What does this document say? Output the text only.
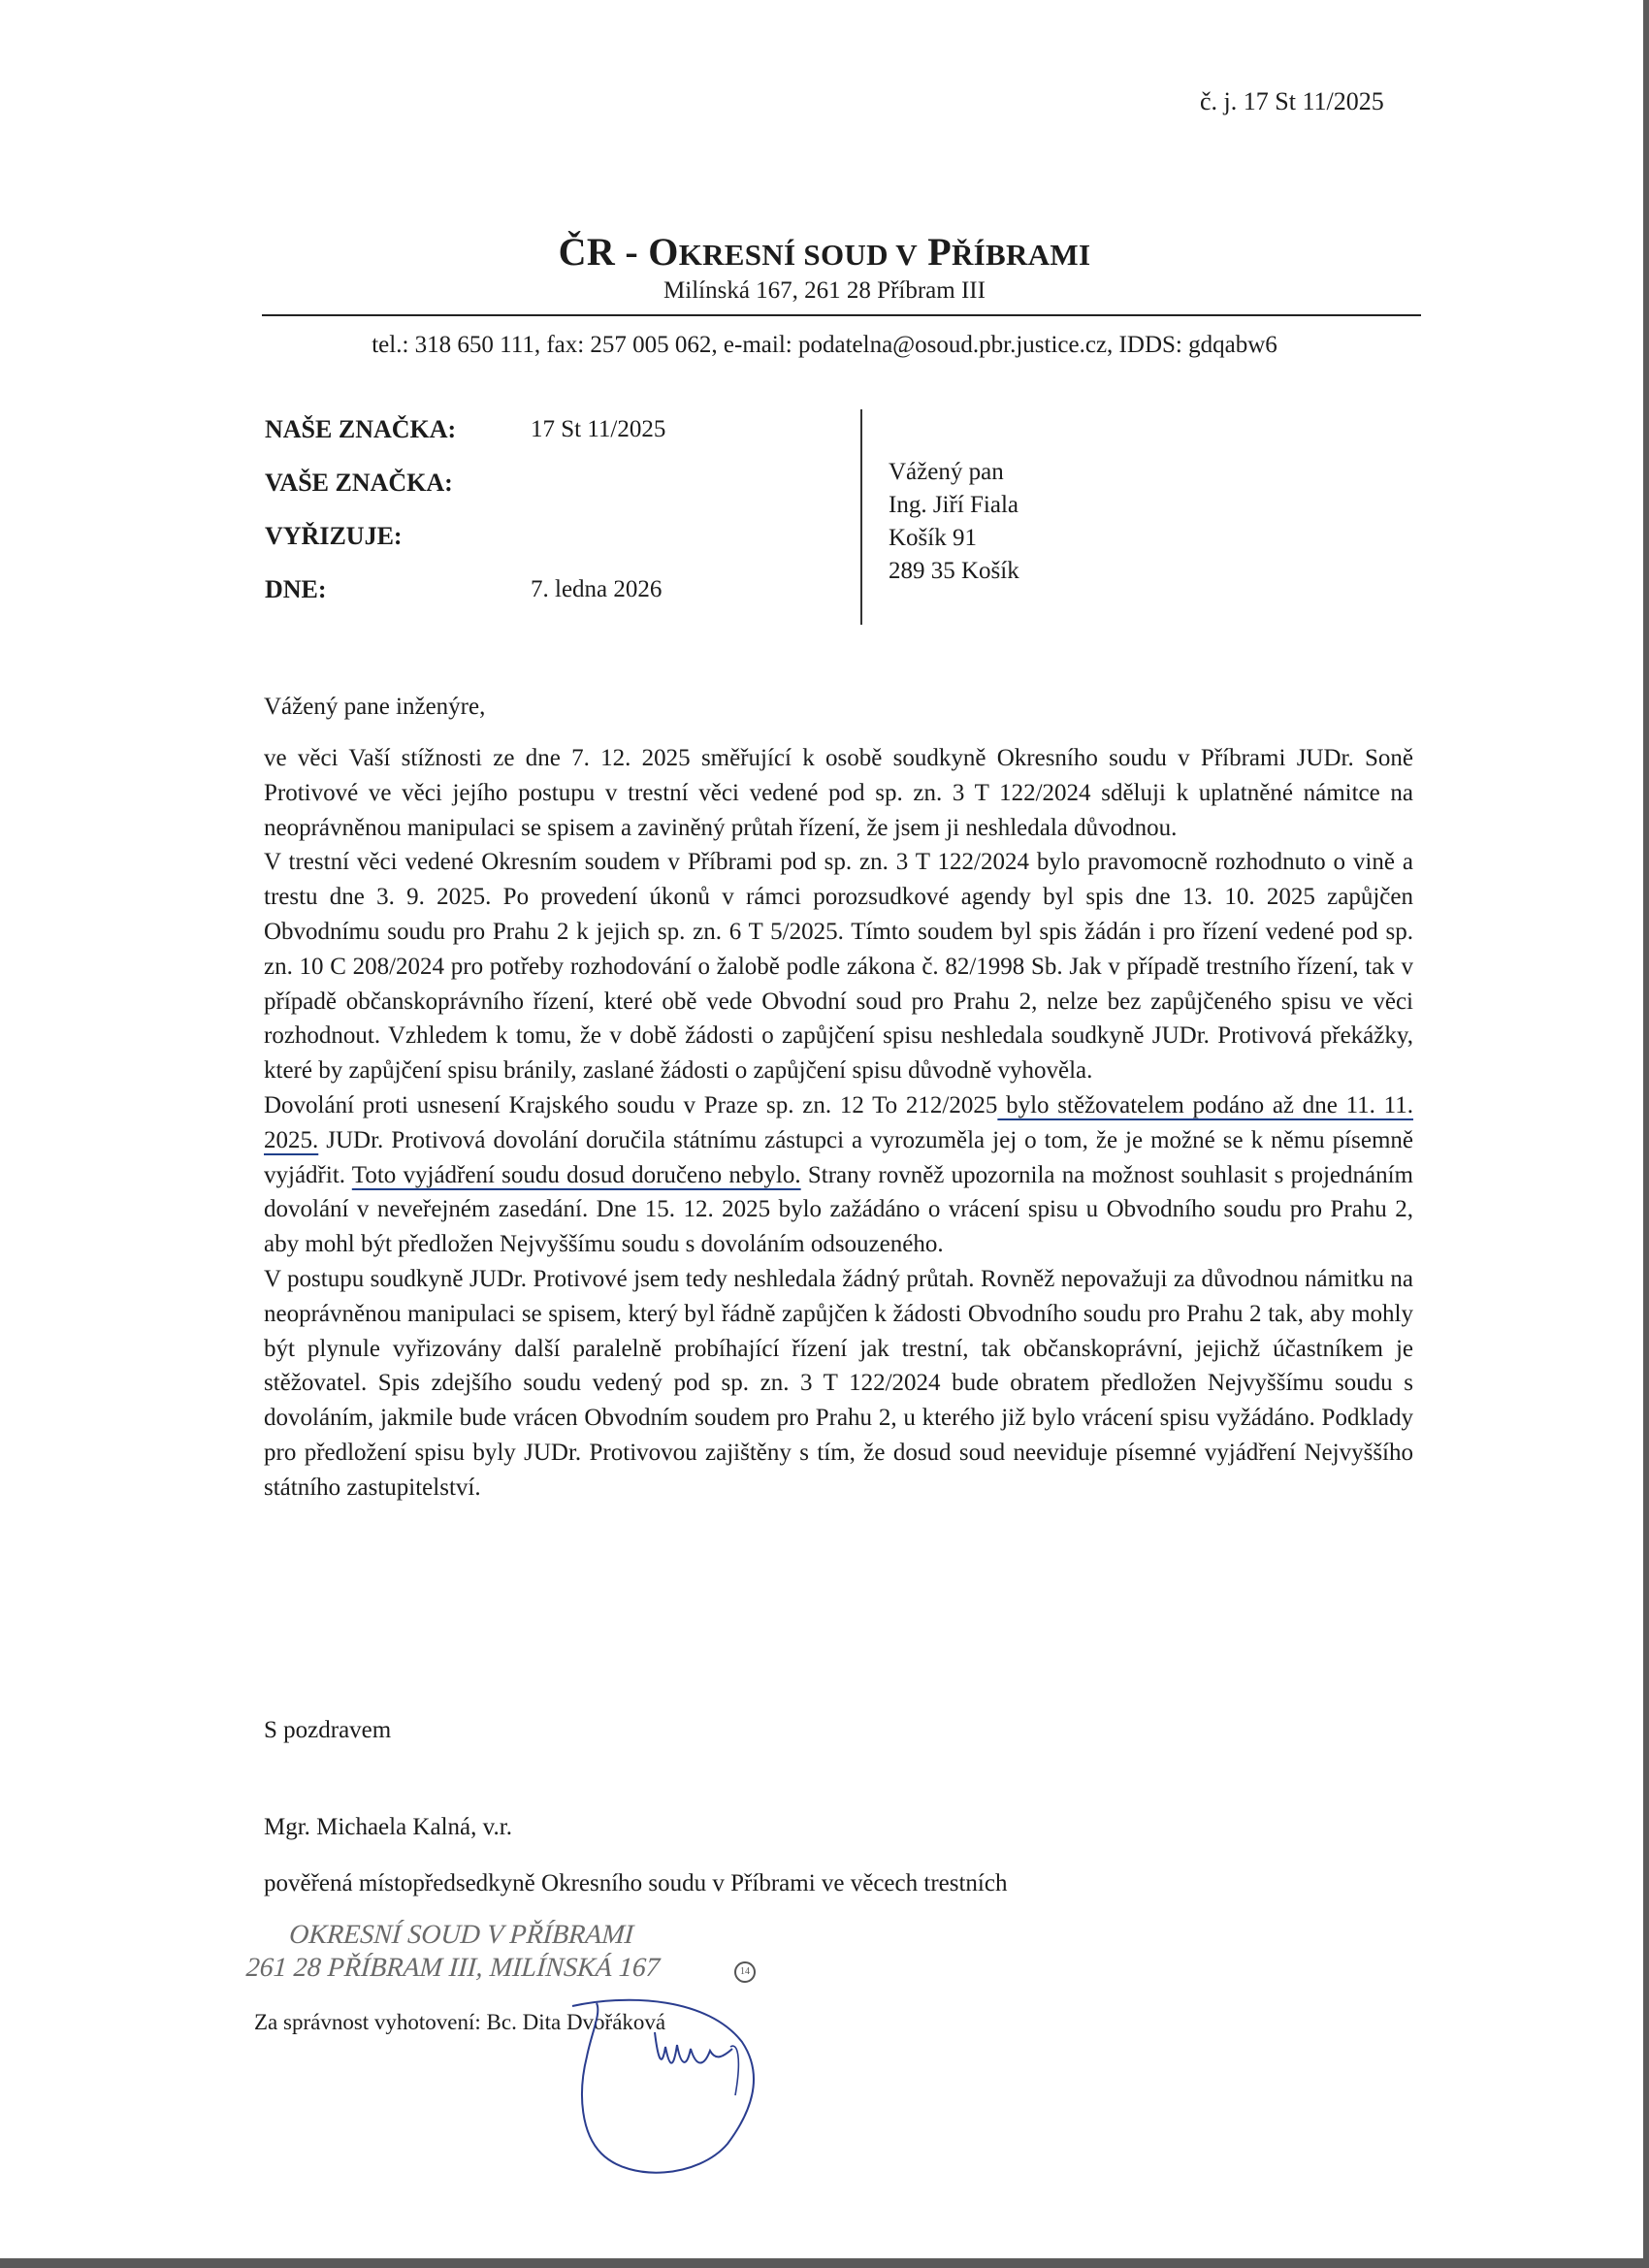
č. j. 17 St 11/2025
ČR - OKRESNÍ SOUD V PŘÍBRAMI
Milínská 167, 261 28 Příbram III
tel.: 318 650 111, fax: 257 005 062, e-mail: podatelna@osoud.pbr.justice.cz, IDDS: gdqabw6
NAŠE ZNAČKA:	17 St 11/2025
VAŠE ZNAČKA:
VYŘIZUJE:
DNE:	7. ledna 2026
Vážený pan
Ing. Jiří Fiala
Košík 91
289 35 Košík
Vážený pane inženýre,

ve věci Vaší stížnosti ze dne 7. 12. 2025 směřující k osobě soudkyně Okresního soudu v Příbrami JUDr. Soně Protivové ve věci jejího postupu v trestní věci vedené pod sp. zn. 3 T 122/2024 sděluji k uplatněné námitce na neoprávněnou manipulaci se spisem a zaviněný průtah řízení, že jsem ji neshledala důvodnou.

V trestní věci vedené Okresním soudem v Příbrami pod sp. zn. 3 T 122/2024 bylo pravomocně rozhodnuto o vině a trestu dne 3. 9. 2025. Po provedení úkonů v rámci porozsudkové agendy byl spis dne 13. 10. 2025 zapůjčen Obvodnímu soudu pro Prahu 2 k jejich sp. zn. 6 T 5/2025. Tímto soudem byl spis žádán i pro řízení vedené pod sp. zn. 10 C 208/2024 pro potřeby rozhodování o žalobě podle zákona č. 82/1998 Sb. Jak v případě trestního řízení, tak v případě občanskoprávního řízení, které obě vede Obvodní soud pro Prahu 2, nelze bez zapůjčeného spisu ve věci rozhodnout. Vzhledem k tomu, že v době žádosti o zapůjčení spisu neshledala soudkyně JUDr. Protivová překážky, které by zapůjčení spisu bránily, zaslané žádosti o zapůjčení spisu důvodně vyhověla.

Dovolání proti usnesení Krajského soudu v Praze sp. zn. 12 To 212/2025 bylo stěžovatelem podáno až dne 11. 11. 2025. JUDr. Protivová dovolání doručila státnímu zástupci a vyrozuměla jej o tom, že je možné se k němu písemně vyjádřit. Toto vyjádření soudu dosud doručeno nebylo. Strany rovněž upozornila na možnost souhlasit s projednáním dovolání v neveřejném zasedání. Dne 15. 12. 2025 bylo zažádáno o vrácení spisu u Obvodního soudu pro Prahu 2, aby mohl být předložen Nejvyššímu soudu s dovoláním odsouzeného.

V postupu soudkyně JUDr. Protivové jsem tedy neshledala žádný průtah. Rovněž nepovažuji za důvodnou námitku na neoprávněnou manipulaci se spisem, který byl řádně zapůjčen k žádosti Obvodního soudu pro Prahu 2 tak, aby mohly být plynule vyřizovány další paralelně probíhající řízení jak trestní, tak občanskoprávní, jejichž účastníkem je stěžovatel. Spis zdejšího soudu vedený pod sp. zn. 3 T 122/2024 bude obratem předložen Nejvyššímu soudu s dovoláním, jakmile bude vrácen Obvodním soudem pro Prahu 2, u kterého již bylo vrácení spisu vyžádáno. Podklady pro předložení spisu byly JUDr. Protivovou zajištěny s tím, že dosud soud neeviduje písemné vyjádření Nejvyššího státního zastupitelství.

S pozdravem
Mgr. Michaela Kalná, v.r.
pověřená místopředsedkyně Okresního soudu v Příbrami ve věcech trestních
OKRESNÍ SOUD V PŘÍBRAMI
261 28 PŘÍBRAM III, MILÍNSKÁ 167	14
Za správnost vyhotovení: Bc. Dita Dvořáková
